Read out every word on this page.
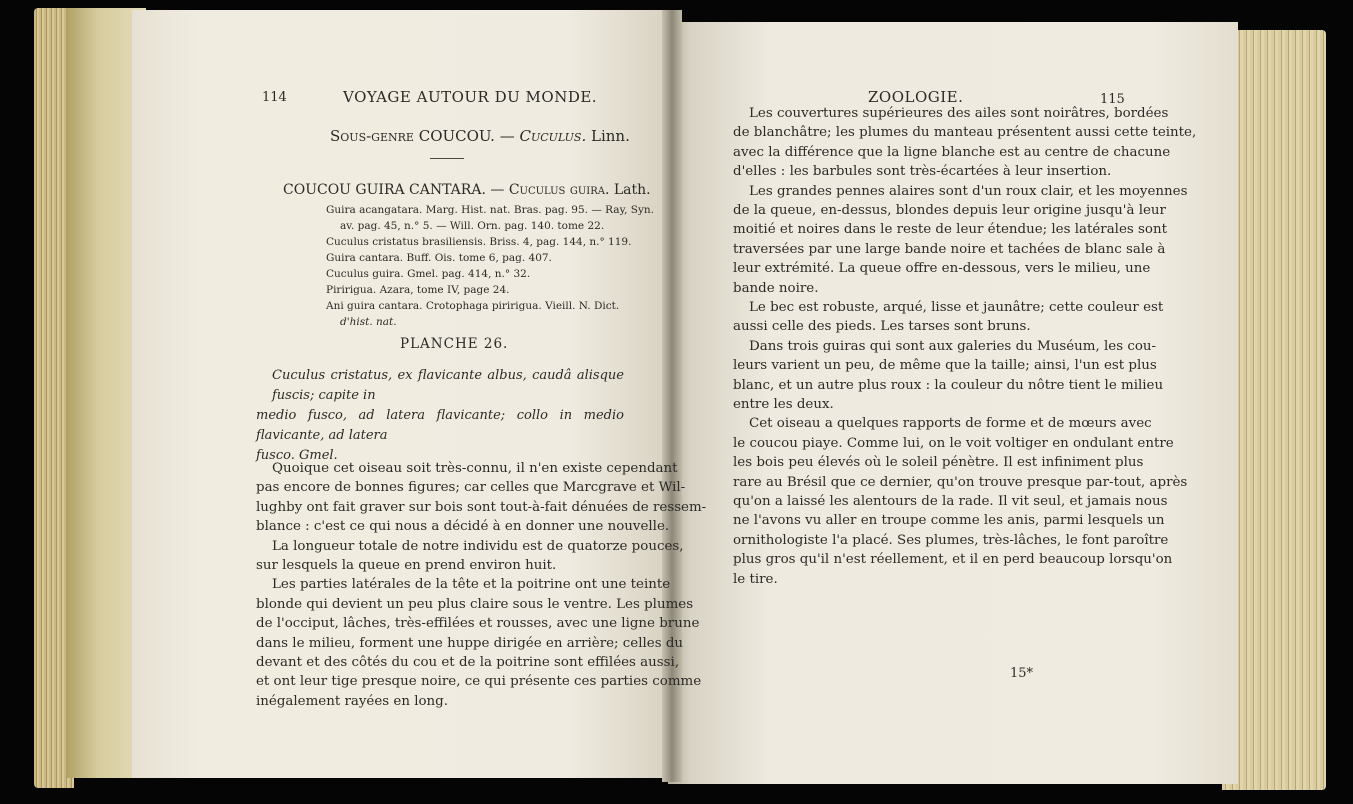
114	VOYAGE AUTOUR DU MONDE.
Sous-genre COUCOU. — Cuculus. Linn.
COUCOU GUIRA CANTARA. — Cuculus guira. Lath.
Guira acangatara. Marg. Hist. nat. Bras. pag. 95. — Ray, Syn.
av. pag. 45, n.° 5. — Will. Orn. pag. 140. tome 22.
Cuculus cristatus brasiliensis. Briss. 4, pag. 144, n.° 119.
Guira cantara. Buff. Ois. tome 6, pag. 407.
Cuculus guira. Gmel. pag. 414, n.° 32.
Piririgua. Azara, tome IV, page 24.
Ani guira cantara. Crotophaga piririgua. Vieill. N. Dict.
d'hist. nat.
PLANCHE 26.
Cuculus cristatus, ex flavicante albus, caudâ alisque fuscis; capite in
medio fusco, ad latera flavicante; collo in medio flavicante, ad latera
fusco. Gmel.
Quoique cet oiseau soit très-connu, il n'en existe cependant
pas encore de bonnes figures; car celles que Marcgrave et Wil-
lughby ont fait graver sur bois sont tout-à-fait dénuées de ressem-
blance : c'est ce qui nous a décidé à en donner une nouvelle.
La longueur totale de notre individu est de quatorze pouces,
sur lesquels la queue en prend environ huit.
Les parties latérales de la tête et la poitrine ont une teinte
blonde qui devient un peu plus claire sous le ventre. Les plumes
de l'occiput, lâches, très-effilées et rousses, avec une ligne brune
dans le milieu, forment une huppe dirigée en arrière; celles du
devant et des côtés du cou et de la poitrine sont effilées aussi,
et ont leur tige presque noire, ce qui présente ces parties comme
inégalement rayées en long.
ZOOLOGIE.	115
Les couvertures supérieures des ailes sont noirâtres, bordées
de blanchâtre; les plumes du manteau présentent aussi cette teinte,
avec la différence que la ligne blanche est au centre de chacune
d'elles : les barbules sont très-écartées à leur insertion.
Les grandes pennes alaires sont d'un roux clair, et les moyennes
de la queue, en-dessus, blondes depuis leur origine jusqu'à leur
moitié et noires dans le reste de leur étendue; les latérales sont
traversées par une large bande noire et tachées de blanc sale à
leur extrémité. La queue offre en-dessous, vers le milieu, une
bande noire.
Le bec est robuste, arqué, lisse et jaunâtre; cette couleur est
aussi celle des pieds. Les tarses sont bruns.
Dans trois guiras qui sont aux galeries du Muséum, les cou-
leurs varient un peu, de même que la taille; ainsi, l'un est plus
blanc, et un autre plus roux : la couleur du nôtre tient le milieu
entre les deux.
Cet oiseau a quelques rapports de forme et de mœurs avec
le coucou piaye. Comme lui, on le voit voltiger en ondulant entre
les bois peu élevés où le soleil pénètre. Il est infiniment plus
rare au Brésil que ce dernier, qu'on trouve presque par-tout, après
qu'on a laissé les alentours de la rade. Il vit seul, et jamais nous
ne l'avons vu aller en troupe comme les anis, parmi lesquels un
ornithologiste l'a placé. Ses plumes, très-lâches, le font paroître
plus gros qu'il n'est réellement, et il en perd beaucoup lorsqu'on
le tire.
15*
